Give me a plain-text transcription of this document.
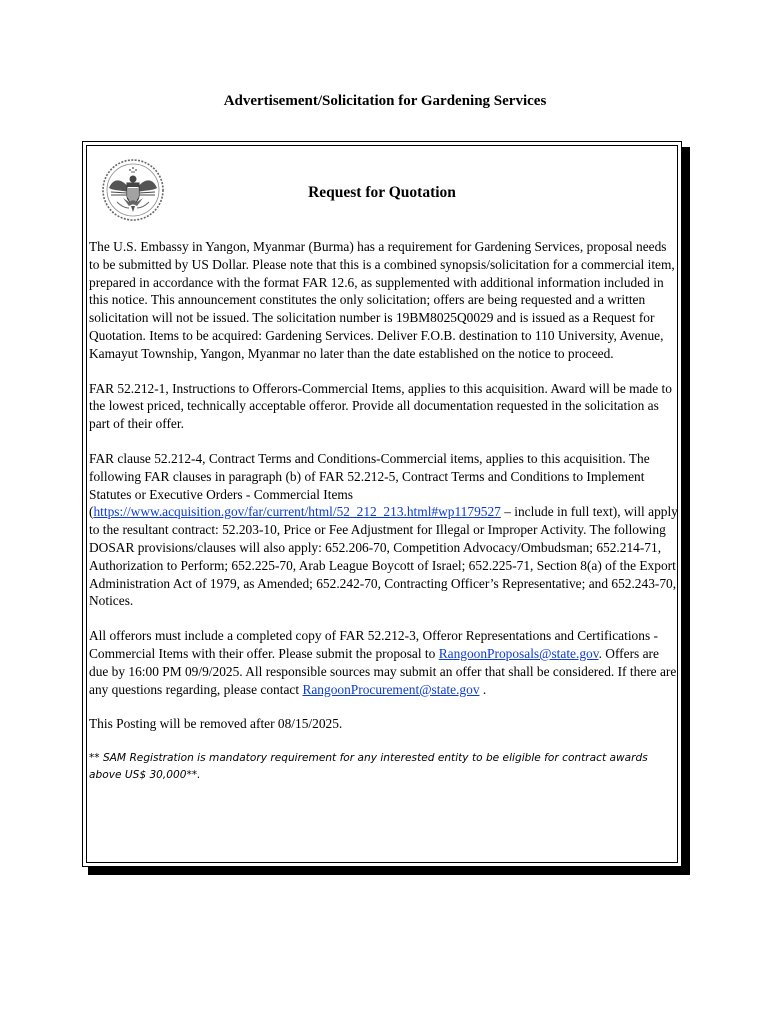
Advertisement/Solicitation for Gardening Services
Request for Quotation

The U.S. Embassy in Yangon, Myanmar (Burma) has a requirement for Gardening Services, proposal needs to be submitted by US Dollar. Please note that this is a combined synopsis/solicitation for a commercial item, prepared in accordance with the format FAR 12.6, as supplemented with additional information included in this notice. This announcement constitutes the only solicitation; offers are being requested and a written solicitation will not be issued. The solicitation number is 19BM8025Q0029 and is issued as a Request for Quotation. Items to be acquired: Gardening Services. Deliver F.O.B. destination to 110 University, Avenue, Kamayut Township, Yangon, Myanmar no later than the date established on the notice to proceed.

FAR 52.212-1, Instructions to Offerors-Commercial Items, applies to this acquisition. Award will be made to the lowest priced, technically acceptable offeror. Provide all documentation requested in the solicitation as part of their offer.

FAR clause 52.212-4, Contract Terms and Conditions-Commercial items, applies to this acquisition. The following FAR clauses in paragraph (b) of FAR 52.212-5, Contract Terms and Conditions to Implement Statutes or Executive Orders - Commercial Items (https://www.acquisition.gov/far/current/html/52_212_213.html#wp1179527 – include in full text), will apply to the resultant contract: 52.203-10, Price or Fee Adjustment for Illegal or Improper Activity. The following DOSAR provisions/clauses will also apply: 652.206-70, Competition Advocacy/Ombudsman; 652.214-71, Authorization to Perform; 652.225-70, Arab League Boycott of Israel; 652.225-71, Section 8(a) of the Export Administration Act of 1979, as Amended; 652.242-70, Contracting Officer’s Representative; and 652.243-70, Notices.

All offerors must include a completed copy of FAR 52.212-3, Offeror Representations and Certifications - Commercial Items with their offer. Please submit the proposal to RangoonProposals@state.gov. Offers are due by 16:00 PM 09/9/2025. All responsible sources may submit an offer that shall be considered. If there are any questions regarding, please contact RangoonProcurement@state.gov .

This Posting will be removed after 08/15/2025.

** SAM Registration is mandatory requirement for any interested entity to be eligible for contract awards above US$ 30,000**.
